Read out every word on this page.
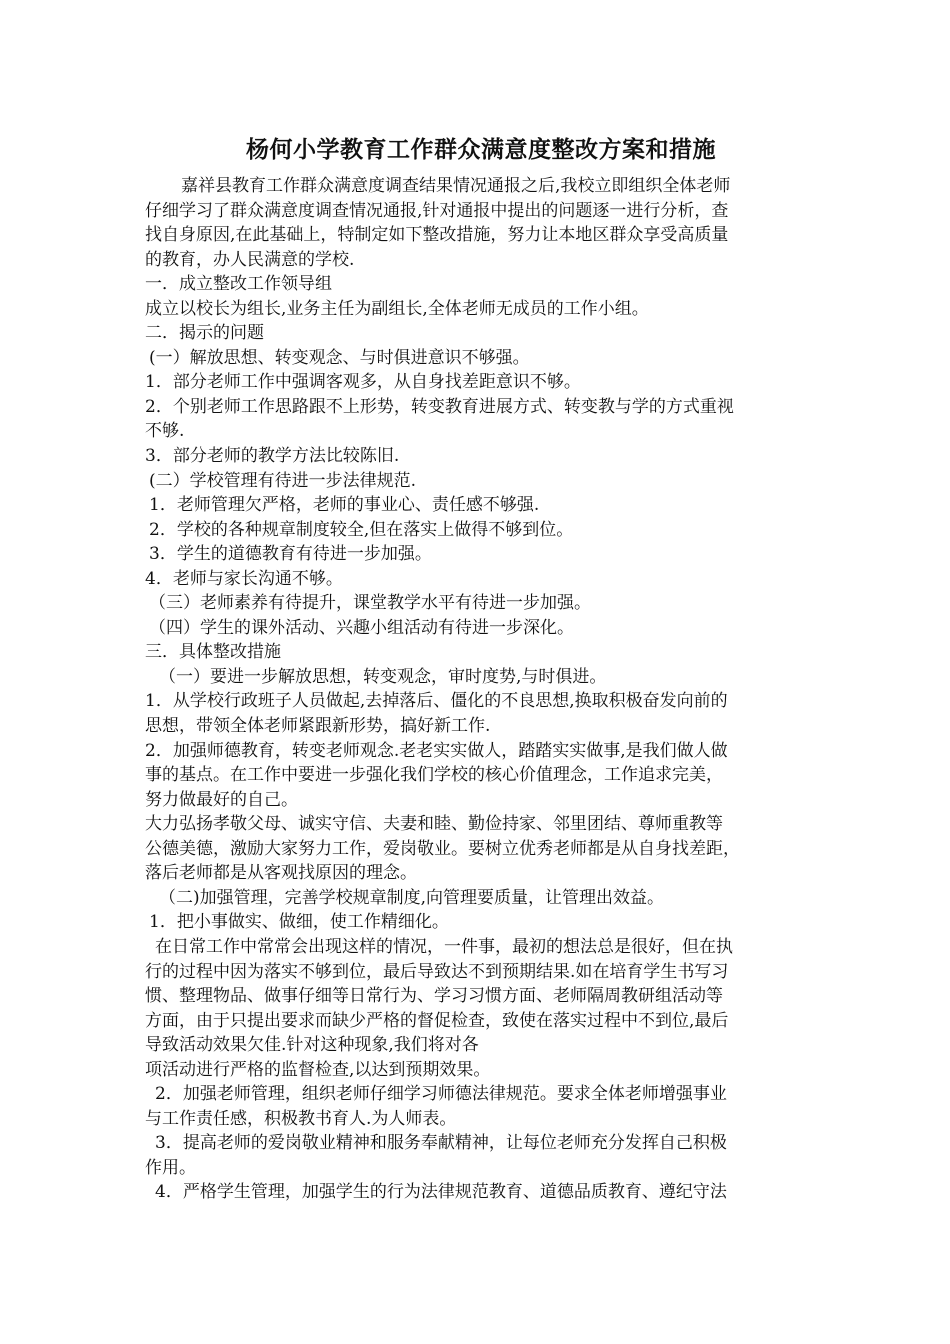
杨何小学教育工作群众满意度整改方案和措施
嘉祥县教育工作群众满意度调查结果情况通报之后,我校立即组织全体老师
仔细学习了群众满意度调查情况通报,针对通报中提出的问题逐一进行分析，查
找自身原因,在此基础上，特制定如下整改措施，努力让本地区群众享受高质量
的教育，办人民满意的学校.
一．成立整改工作领导组
成立以校长为组长,业务主任为副组长,全体老师无成员的工作小组。
二．揭示的问题
(一）解放思想、转变观念、与时俱进意识不够强。
1．部分老师工作中强调客观多，从自身找差距意识不够。
2．个别老师工作思路跟不上形势，转变教育进展方式、转变教与学的方式重视
不够.
3．部分老师的教学方法比较陈旧.
(二）学校管理有待进一步法律规范.
1．老师管理欠严格，老师的事业心、责任感不够强.
2．学校的各种规章制度较全,但在落实上做得不够到位。
3．学生的道德教育有待进一步加强。
4．老师与家长沟通不够。
（三）老师素养有待提升，课堂教学水平有待进一步加强。
（四）学生的课外活动、兴趣小组活动有待进一步深化。
三．具体整改措施
（一）要进一步解放思想，转变观念，审时度势,与时俱进。
1．从学校行政班子人员做起,去掉落后、僵化的不良思想,换取积极奋发向前的
思想，带领全体老师紧跟新形势，搞好新工作.
2．加强师德教育，转变老师观念.老老实实做人，踏踏实实做事,是我们做人做
事的基点。在工作中要进一步强化我们学校的核心价值理念，工作追求完美，
努力做最好的自己。
大力弘扬孝敬父母、诚实守信、夫妻和睦、勤俭持家、邻里团结、尊师重教等
公德美德，激励大家努力工作，爱岗敬业。要树立优秀老师都是从自身找差距，
落后老师都是从客观找原因的理念。
（二)加强管理，完善学校规章制度,向管理要质量，让管理出效益。
1．把小事做实、做细，使工作精细化。
在日常工作中常常会出现这样的情况，一件事，最初的想法总是很好，但在执
行的过程中因为落实不够到位，最后导致达不到预期结果.如在培育学生书写习
惯、整理物品、做事仔细等日常行为、学习习惯方面、老师隔周教研组活动等
方面，由于只提出要求而缺少严格的督促检查，致使在落实过程中不到位,最后
导致活动效果欠佳.针对这种现象,我们将对各
项活动进行严格的监督检查,以达到预期效果。
2．加强老师管理，组织老师仔细学习师德法律规范。要求全体老师增强事业
与工作责任感，积极教书育人.为人师表。
3．提高老师的爱岗敬业精神和服务奉献精神，让每位老师充分发挥自己积极
作用。
4．严格学生管理，加强学生的行为法律规范教育、道德品质教育、遵纪守法
